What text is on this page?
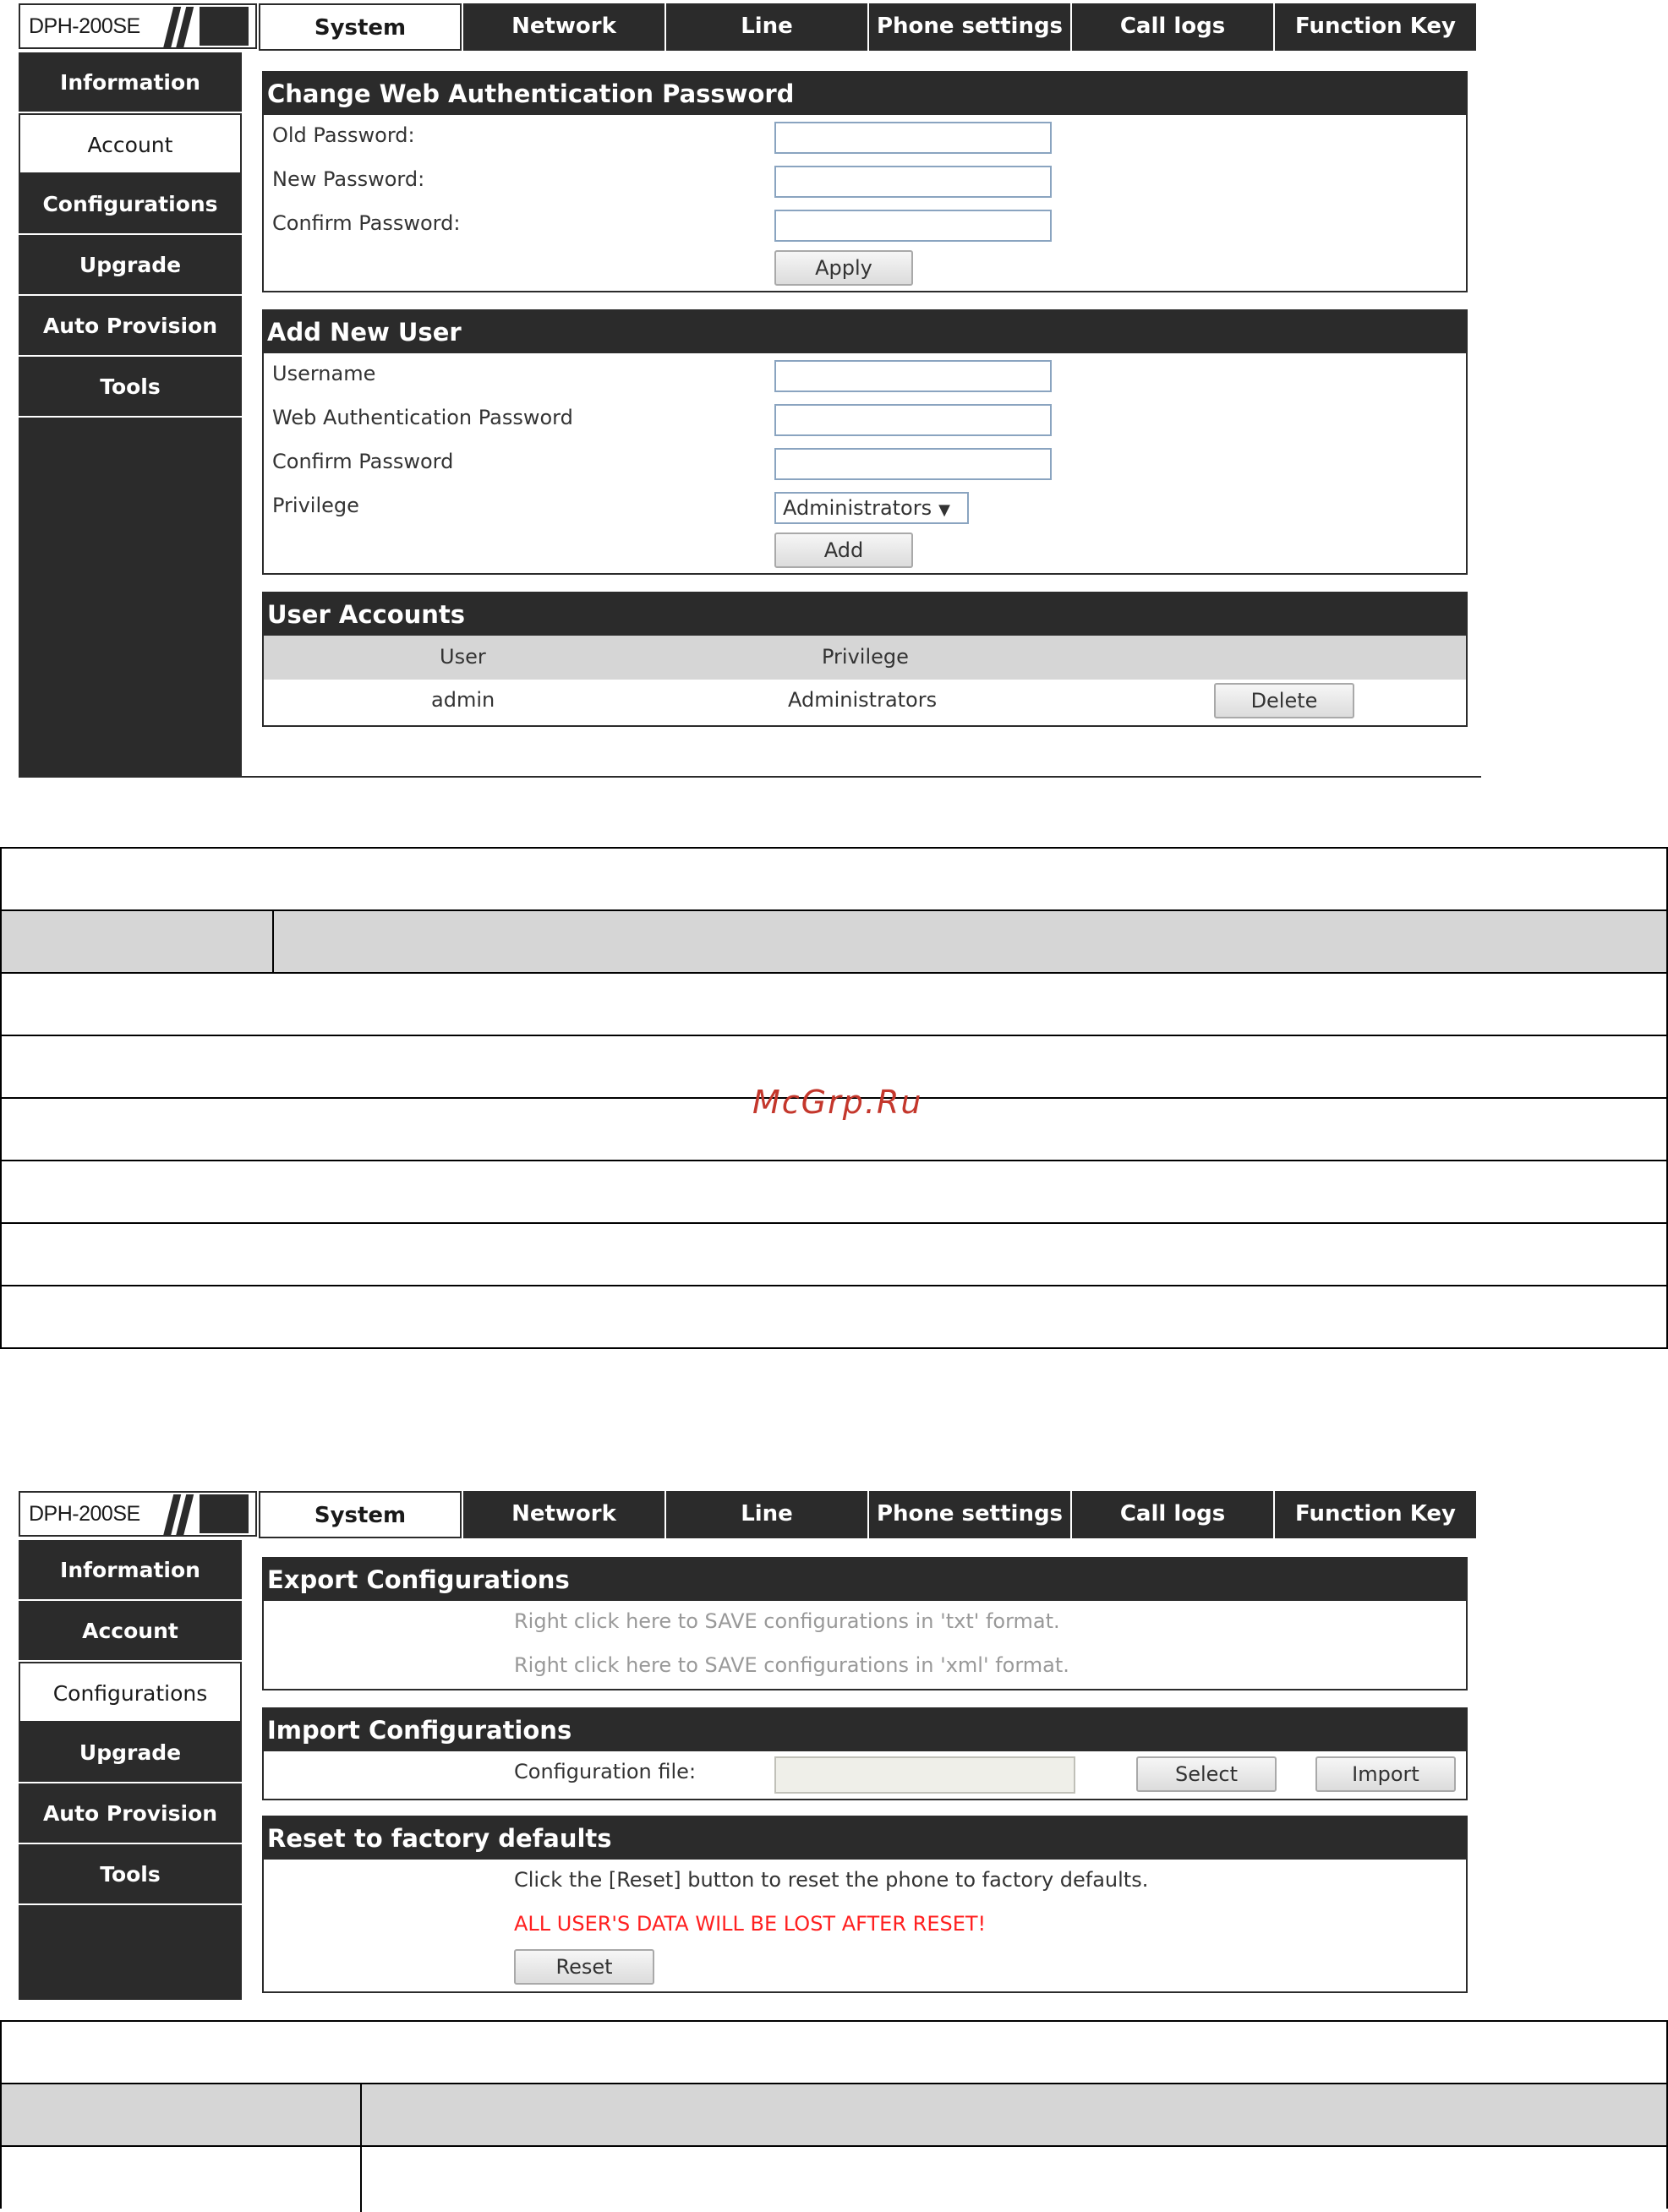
DPH-200SE	System	Network	Line	Phone settings	Call logs	Function Key
Information
Account
Configurations
Upgrade
Auto Provision
Tools
Change Web Authentication Password
Old Password:
New Password:
Confirm Password:
Apply
Add New User
Username
Web Authentication Password
Confirm Password
Privilege	Administrators ▼
Add
User Accounts
User	Privilege
admin	Administrators	Delete
McGrp.Ru
DPH-200SE	System	Network	Line	Phone settings	Call logs	Function Key
Information
Account
Configurations
Upgrade
Auto Provision
Tools
Export Configurations
Right click here to SAVE configurations in 'txt' format.
Right click here to SAVE configurations in 'xml' format.
Import Configurations
Configuration file:	Select	Import
Reset to factory defaults
Click the [Reset] button to reset the phone to factory defaults.
ALL USER'S DATA WILL BE LOST AFTER RESET!
Reset
